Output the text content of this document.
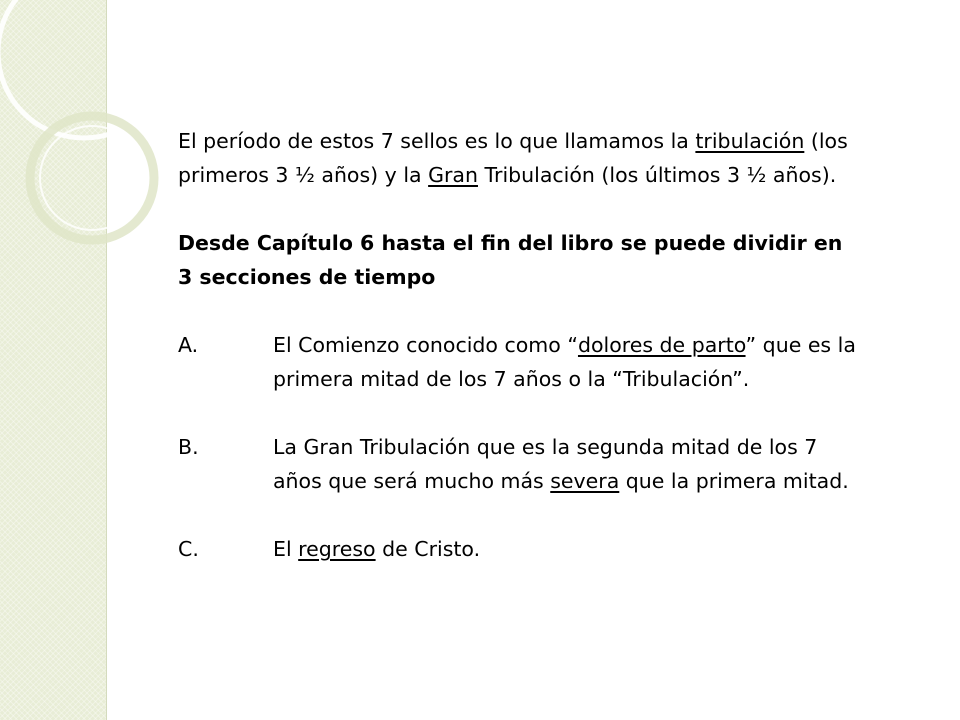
El período de estos 7 sellos es lo que llamamos la tribulación (los primeros 3 ½ años) y la Gran Tribulación (los últimos 3 ½ años).

Desde Capítulo 6 hasta el fin del libro se puede dividir en 3 secciones de tiempo

A.	El Comienzo conocido como “dolores de parto” que es la primera mitad de los 7 años o la “Tribulación”.
B.	La Gran Tribulación que es la segunda mitad de los 7 años que será mucho más severa que la primera mitad.
C.	El regreso de Cristo.
